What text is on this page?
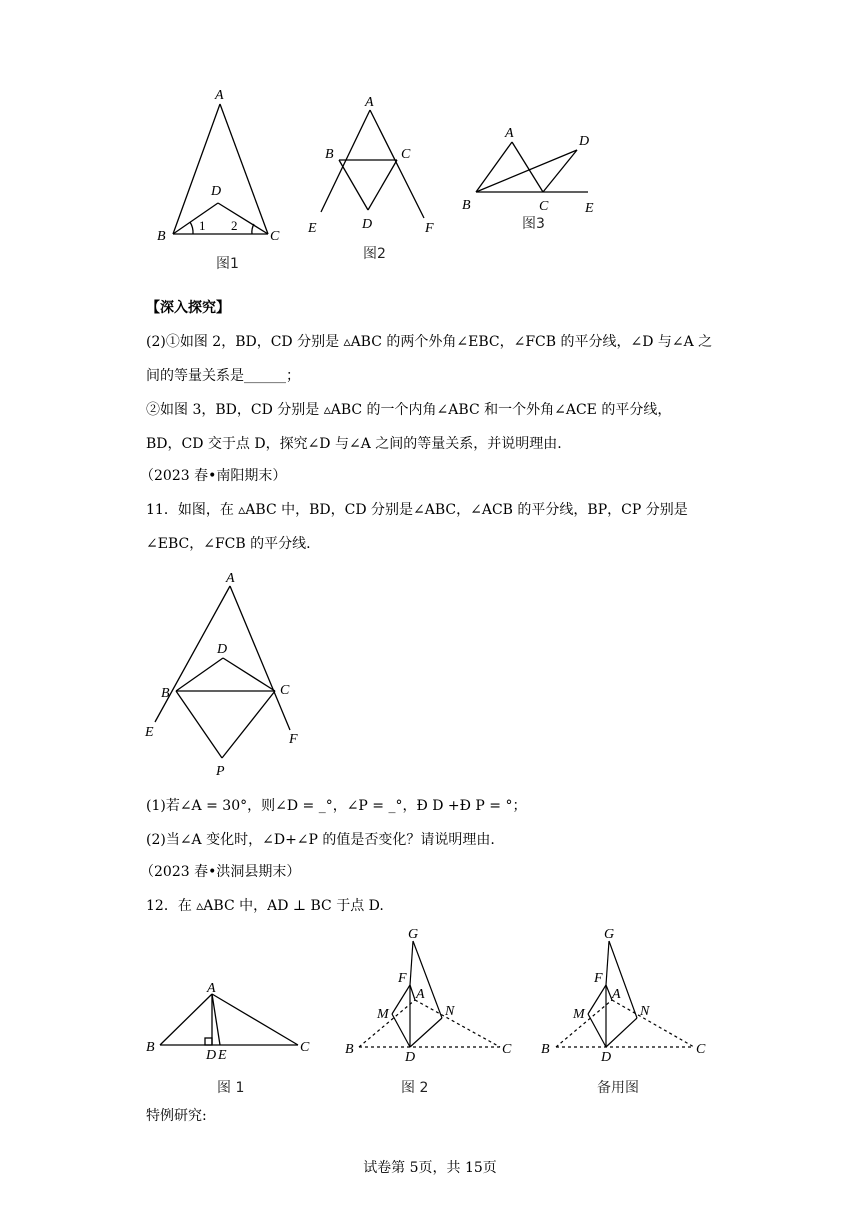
A
B	C
D
1 2
图1
A
B	C
D
E	F
图2
A
B	C
D
E
图3
【深入探究】
(2)①如图 2，BD，CD 分别是 ▵ABC 的两个外角∠EBC，∠FCB 的平分线，∠D 与∠A 之
间的等量关系是______；
②如图 3，BD，CD 分别是 ▵ABC 的一个内角∠ABC 和一个外角∠ACE 的平分线，
BD，CD 交于点 D，探究∠D 与∠A 之间的等量关系，并说明理由.
（2023 春•南阳期末）
11．如图，在 ▵ABC 中，BD，CD 分别是∠ABC，∠ACB 的平分线，BP，CP 分别是
∠EBC，∠FCB 的平分线.
A
B	C
D
E	F
P
(1)若∠A = 30°，则∠D = _°，∠P = _°，Ð D +Ð P = °；
(2)当∠A 变化时，∠D+∠P 的值是否变化？请说明理由.
（2023 春•洪洞县期末）
12．在 ▵ABC 中，AD ⊥ BC 于点 D.
A
B	C
D E
图 1
G
F
A
M	N
B	C
D
图 2
G
F
A
M	N
B	C
D
备用图
特例研究:
试卷第 5页，共 15页
